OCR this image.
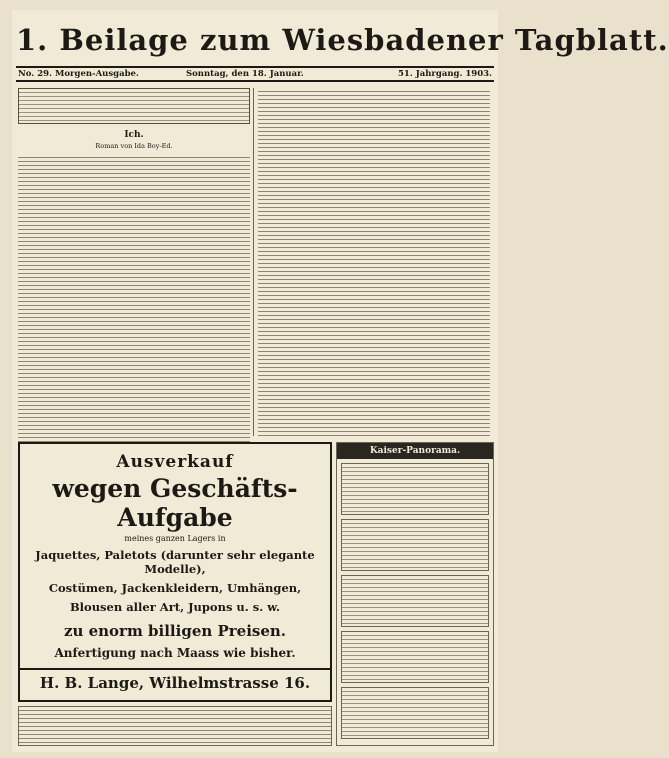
1. Beilage zum Wiesbadener Tagblatt.
No. 29. Morgen-Ausgabe.	Sonntag, den 18. Januar.	51. Jahrgang. 1903.
Ich.
Roman von Ida Boy-Ed.
Ausverkauf
wegen Geschäfts-Aufgabe
meines ganzen Lagers in
Jaquettes, Paletots (darunter sehr elegante Modelle),
Costümen, Jackenkleidern, Umhängen,
Blousen aller Art, Jupons u. s. w.
zu enorm billigen Preisen.
Anfertigung nach Maass wie bisher.
H. B. Lange, Wilhelmstrasse 16.
Kaiser-Panorama.
